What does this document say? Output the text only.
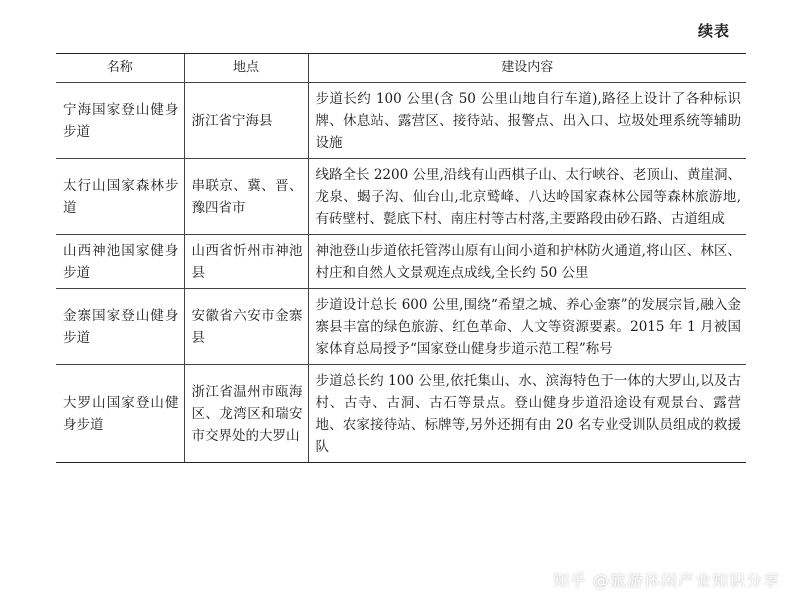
续表
名称	地点	建设内容
宁海国家登山健身步道	浙江省宁海县	步道长约 100 公里(含 50 公里山地自行车道),路径上设计了各种标识牌、休息站、露营区、接待站、报警点、出入口、垃圾处理系统等辅助设施
太行山国家森林步道	串联京、冀、晋、豫四省市	线路全长 2200 公里,沿线有山西棋子山、太行峡谷、老顶山、黄崖洞、龙泉、蝎子沟、仙台山,北京鹫峰、八达岭国家森林公园等森林旅游地,有砖壁村、甏底下村、南庄村等古村落,主要路段由砂石路、古道组成
山西神池国家健身步道	山西省忻州市神池县	神池登山步道依托管涔山原有山间小道和护林防火通道,将山区、林区、村庄和自然人文景观连点成线,全长约 50 公里
金寨国家登山健身步道	安徽省六安市金寨县	步道设计总长 600 公里,围绕“希望之城、养心金寨”的发展宗旨,融入金寨县丰富的绿色旅游、红色革命、人文等资源要素。2015 年 1 月被国家体育总局授予“国家登山健身步道示范工程”称号
大罗山国家登山健身步道	浙江省温州市瓯海区、龙湾区和瑞安市交界处的大罗山	步道总长约 100 公里,依托集山、水、滨海特色于一体的大罗山,以及古村、古寺、古洞、古石等景点。登山健身步道沿途设有观景台、露营地、农家接待站、标牌等,另外还拥有由 20 名专业受训队员组成的救援队
知乎 @旅游休闲产业知识分享
